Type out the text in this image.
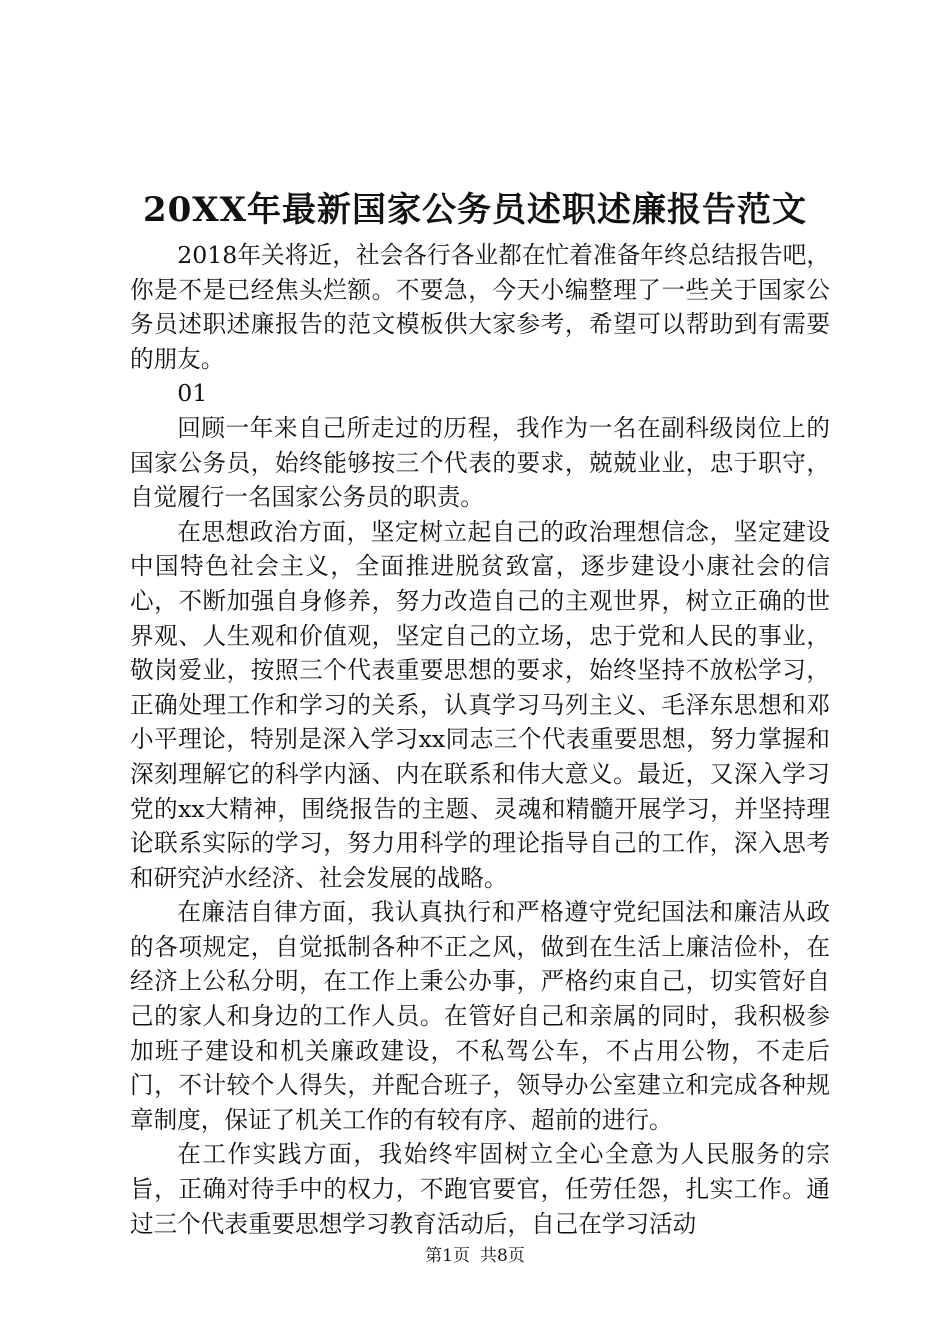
20XX年最新国家公务员述职述廉报告范文

2018年关将近，社会各行各业都在忙着准备年终总结报告吧，你是不是已经焦头烂额。不要急，今天小编整理了一些关于国家公务员述职述廉报告的范文模板供大家参考，希望可以帮助到有需要的朋友。

01

回顾一年来自己所走过的历程，我作为一名在副科级岗位上的国家公务员，始终能够按三个代表的要求，兢兢业业，忠于职守，自觉履行一名国家公务员的职责。

在思想政治方面，坚定树立起自己的政治理想信念，坚定建设中国特色社会主义，全面推进脱贫致富，逐步建设小康社会的信心，不断加强自身修养，努力改造自己的主观世界，树立正确的世界观、人生观和价值观，坚定自己的立场，忠于党和人民的事业，敬岗爱业，按照三个代表重要思想的要求，始终坚持不放松学习，正确处理工作和学习的关系，认真学习马列主义、毛泽东思想和邓小平理论，特别是深入学习xx同志三个代表重要思想，努力掌握和深刻理解它的科学内涵、内在联系和伟大意义。最近，又深入学习党的xx大精神，围绕报告的主题、灵魂和精髓开展学习，并坚持理论联系实际的学习，努力用科学的理论指导自己的工作，深入思考和研究泸水经济、社会发展的战略。

在廉洁自律方面，我认真执行和严格遵守党纪国法和廉洁从政的各项规定，自觉抵制各种不正之风，做到在生活上廉洁俭朴，在经济上公私分明，在工作上秉公办事，严格约束自己，切实管好自己的家人和身边的工作人员。在管好自己和亲属的同时，我积极参加班子建设和机关廉政建设，不私驾公车，不占用公物，不走后门，不计较个人得失，并配合班子，领导办公室建立和完成各种规章制度，保证了机关工作的有较有序、超前的进行。

在工作实践方面，我始终牢固树立全心全意为人民服务的宗旨，正确对待手中的权力，不跑官要官，任劳任怨，扎实工作。通过三个代表重要思想学习教育活动后，自己在学习活动

第1页 共8页
